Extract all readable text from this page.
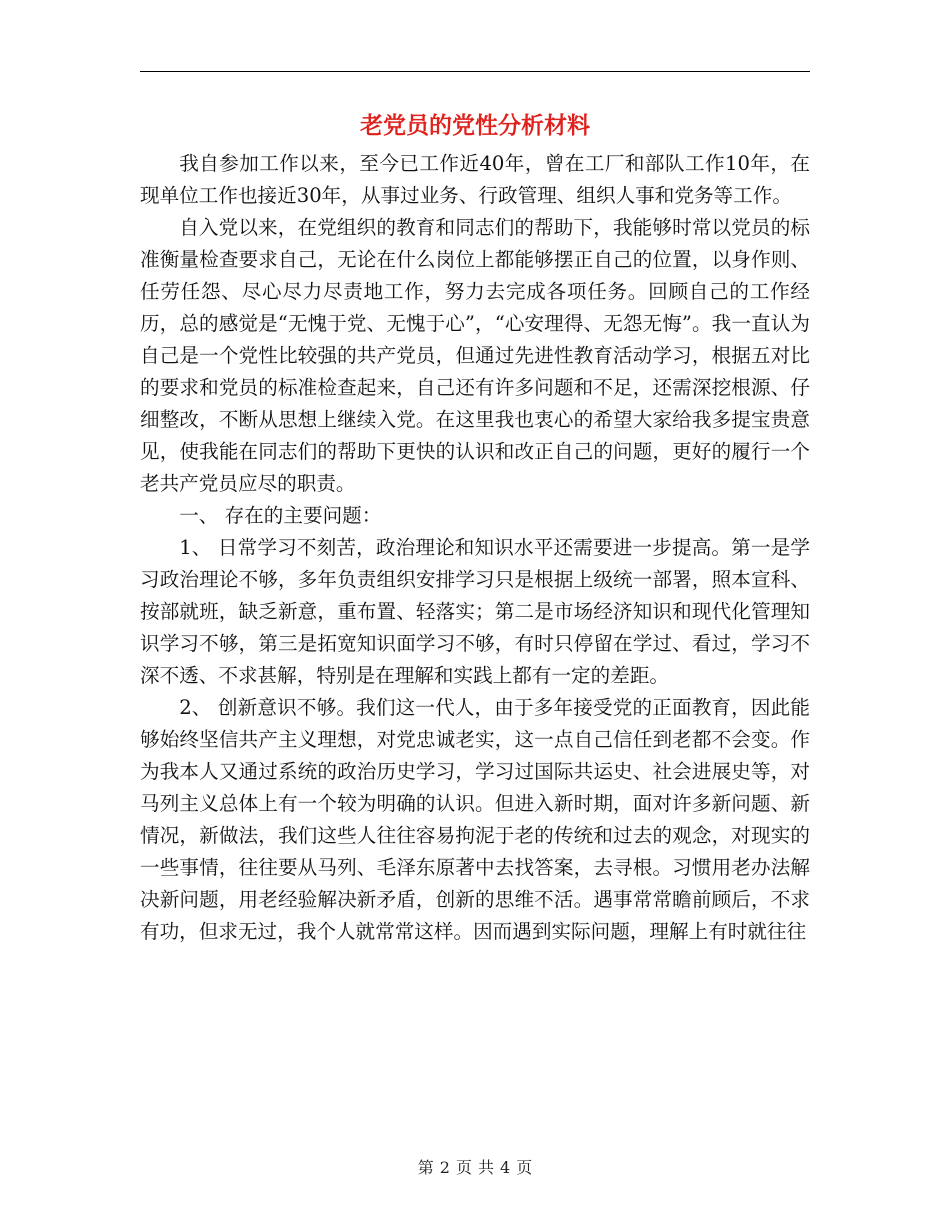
老党员的党性分析材料

我自参加工作以来，至今已工作近40年，曾在工厂和部队工作10年，在现单位工作也接近30年，从事过业务、行政管理、组织人事和党务等工作。

自入党以来，在党组织的教育和同志们的帮助下，我能够时常以党员的标准衡量检查要求自己，无论在什么岗位上都能够摆正自己的位置，以身作则、任劳任怨、尽心尽力尽责地工作，努力去完成各项任务。回顾自己的工作经历，总的感觉是“无愧于党、无愧于心”，“心安理得、无怨无悔”。我一直认为自己是一个党性比较强的共产党员，但通过先进性教育活动学习，根据五对比的要求和党员的标准检查起来，自己还有许多问题和不足，还需深挖根源、仔细整改，不断从思想上继续入党。在这里我也衷心的希望大家给我多提宝贵意见，使我能在同志们的帮助下更快的认识和改正自己的问题，更好的履行一个老共产党员应尽的职责。

一、 存在的主要问题：

1、 日常学习不刻苦，政治理论和知识水平还需要进一步提高。第一是学习政治理论不够，多年负责组织安排学习只是根据上级统一部署，照本宣科、按部就班，缺乏新意，重布置、轻落实；第二是市场经济知识和现代化管理知识学习不够，第三是拓宽知识面学习不够，有时只停留在学过、看过，学习不深不透、不求甚解，特别是在理解和实践上都有一定的差距。

2、 创新意识不够。我们这一代人，由于多年接受党的正面教育，因此能够始终坚信共产主义理想，对党忠诚老实，这一点自己信任到老都不会变。作为我本人又通过系统的政治历史学习，学习过国际共运史、社会进展史等，对马列主义总体上有一个较为明确的认识。但进入新时期，面对许多新问题、新情况，新做法，我们这些人往往容易拘泥于老的传统和过去的观念，对现实的一些事情，往往要从马列、毛泽东原著中去找答案，去寻根。习惯用老办法解决新问题，用老经验解决新矛盾，创新的思维不活。遇事常常瞻前顾后，不求有功，但求无过，我个人就常常这样。因而遇到实际问题，理解上有时就往往

第 2 页 共 4 页
